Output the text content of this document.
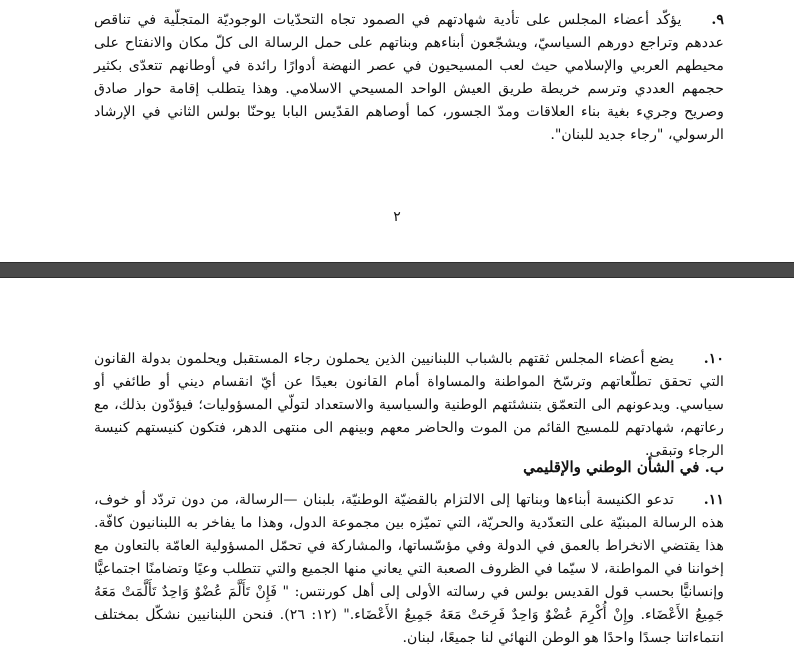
٩.يؤكّد أعضاء المجلس على تأدية شهادتهم في الصمود تجاه التحدّيات الوجوديّة المتجلّية في تناقص عددهم وتراجع دورهم السياسيّ، ويشجّعون أبناءهم وبناتهم على حمل الرسالة الى كلّ مكان والانفتاح على محيطهم العربي والإسلامي حيث لعب المسيحيون في عصر النهضة أدوارًا رائدة في أوطانهم تتعدّى بكثير حجمهم العددي وترسم خريطة طريق العيش الواحد المسيحي الاسلامي. وهذا يتطلب إقامة حوار صادق وصريح وجريء بغية بناء العلاقات ومدّ الجسور، كما أوصاهم القدّيس البابا يوحنّا بولس الثاني في الإرشاد الرسولي، "رجاء جديد للبنان".

٢

١٠.يضع أعضاء المجلس ثقتهم بالشباب اللبنانيين الذين يحملون رجاء المستقبل ويحلمون بدولة القانون التي تحقق تطلّعاتهم وترسّخ المواطنة والمساواة أمام القانون بعيدًا عن أيّ انقسام ديني أو طائفي أو سياسي. ويدعونهم الى التعمّق بتنشئتهم الوطنية والسياسية والاستعداد لتولّي المسؤوليات؛ فيؤدّون بذلك، مع رعاتهم، شهادتهم للمسيح القائم من الموت والحاضر معهم وبينهم الى منتهى الدهر، فتكون كنيستهم كنيسة الرجاء وتبقى.

ب. في الشأن الوطني والإقليمي

١١.تدعو الكنيسة أبناءها وبناتها إلى الالتزام بالقضيّة الوطنيّة، بلبنان —الرسالة، من دون تردّد أو خوف، هذه الرسالة المبنيّة على التعدّدية والحريّة، التي تميّزه بين مجموعة الدول، وهذا ما يفاخر به اللبنانيون كافّة. هذا يقتضي الانخراط بالعمق في الدولة وفي مؤسّساتها، والمشاركة في تحمّل المسؤولية العامّة بالتعاون مع إخواننا في المواطنة، لا سيّما في الظروف الصعبة التي يعاني منها الجميع والتي تتطلب وعيًا وتضامنًا اجتماعيًّا وإنسانيًّا بحسب قول القديس بولس في رسالته الأولى إلى أهل كورنتس: " فَإِنْ تَأَلَّمَ عُضْوٌ وَاحِدٌ تَأَلَّمَتْ مَعَهُ جَمِيعُ الأَعْضَاء. وإِنْ أُكْرِمَ عُضْوٌ وَاحِدٌ فَرِحَتْ مَعَهُ جَمِيعُ الأَعْضَاء." (١٢: ٢٦). فنحن اللبنانيين نشكّل بمختلف انتماءاتنا جسدًا واحدًا هو الوطن النهائي لنا جميعًا، لبنان.
